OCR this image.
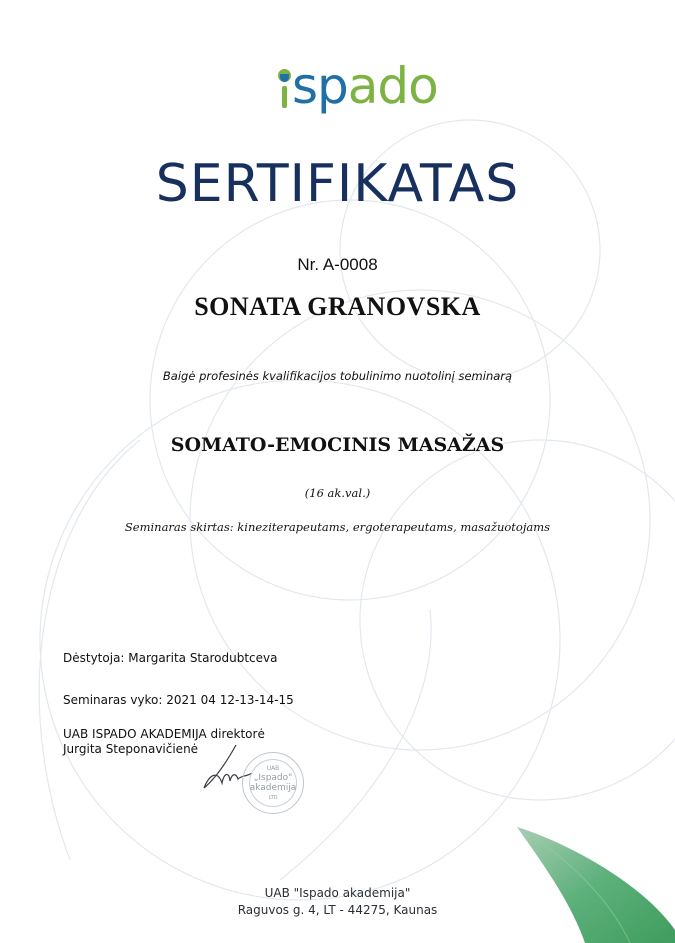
spado
SERTIFIKATAS
Nr. A-0008
SONATA GRANOVSKA
Baigė profesinės kvalifikacijos tobulinimo nuotolinį seminarą
SOMATO-EMOCINIS MASAŽAS
(16 ak.val.)
Seminaras skirtas: kineziterapeutams, ergoterapeutams, masažuotojams
Dėstytoja: Margarita Starodubtceva
Seminaras vyko: 2021 04 12-13-14-15
UAB ISPADO AKADEMIJA direktorė
Jurgita Steponavičienė
UAB
„Ispado"
akademija
LTD
UAB "Ispado akademija"
Raguvos g. 4, LT - 44275, Kaunas
